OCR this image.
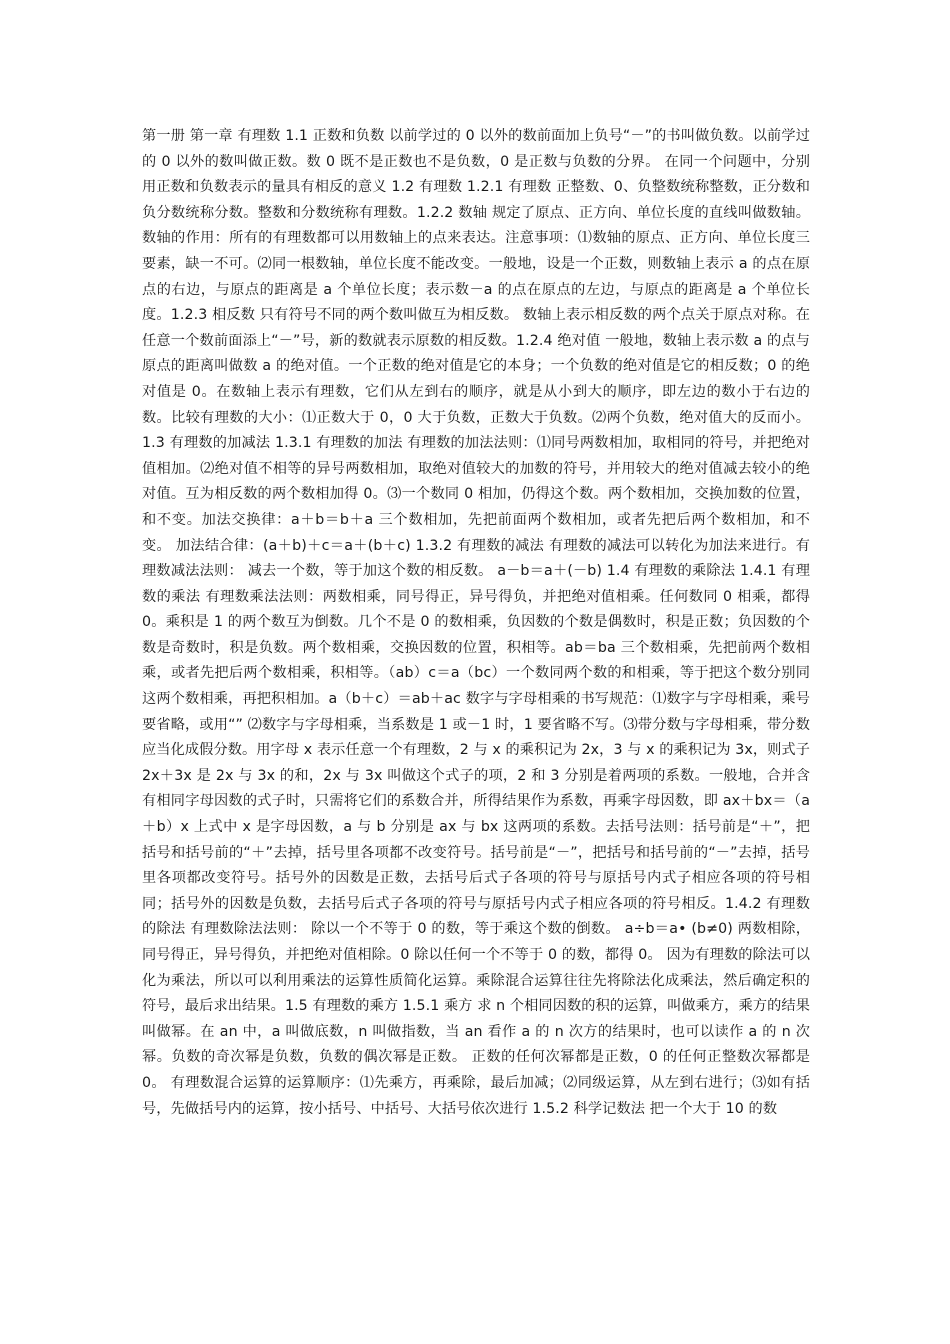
第一册 第一章 有理数 1.1 正数和负数 以前学过的 0 以外的数前面加上负号“－”的书叫做负数。以前学过的 0 以外的数叫做正数。数 0 既不是正数也不是负数，0 是正数与负数的分界。 在同一个问题中，分别用正数和负数表示的量具有相反的意义 1.2 有理数 1.2.1 有理数 正整数、0、负整数统称整数，正分数和负分数统称分数。整数和分数统称有理数。1.2.2 数轴 规定了原点、正方向、单位长度的直线叫做数轴。数轴的作用：所有的有理数都可以用数轴上的点来表达。注意事项：⑴数轴的原点、正方向、单位长度三要素，缺一不可。⑵同一根数轴，单位长度不能改变。一般地，设是一个正数，则数轴上表示 a 的点在原点的右边，与原点的距离是 a 个单位长度；表示数－a 的点在原点的左边，与原点的距离是 a 个单位长度。1.2.3 相反数 只有符号不同的两个数叫做互为相反数。 数轴上表示相反数的两个点关于原点对称。在任意一个数前面添上“－”号，新的数就表示原数的相反数。1.2.4 绝对值 一般地，数轴上表示数 a 的点与原点的距离叫做数 a 的绝对值。一个正数的绝对值是它的本身；一个负数的绝对值是它的相反数；0 的绝对值是 0。在数轴上表示有理数，它们从左到右的顺序，就是从小到大的顺序，即左边的数小于右边的数。比较有理数的大小：⑴正数大于 0，0 大于负数，正数大于负数。⑵两个负数，绝对值大的反而小。1.3 有理数的加减法 1.3.1 有理数的加法 有理数的加法法则：⑴同号两数相加，取相同的符号，并把绝对值相加。⑵绝对值不相等的异号两数相加，取绝对值较大的加数的符号，并用较大的绝对值减去较小的绝对值。互为相反数的两个数相加得 0。⑶一个数同 0 相加，仍得这个数。两个数相加，交换加数的位置，和不变。加法交换律：a＋b＝b＋a 三个数相加，先把前面两个数相加，或者先把后两个数相加，和不变。 加法结合律：(a＋b)＋c＝a＋(b＋c) 1.3.2 有理数的减法 有理数的减法可以转化为加法来进行。有理数减法法则： 减去一个数，等于加这个数的相反数。 a－b＝a＋(－b) 1.4 有理数的乘除法 1.4.1 有理数的乘法 有理数乘法法则：两数相乘，同号得正，异号得负，并把绝对值相乘。任何数同 0 相乘，都得 0。乘积是 1 的两个数互为倒数。几个不是 0 的数相乘，负因数的个数是偶数时，积是正数；负因数的个数是奇数时，积是负数。两个数相乘，交换因数的位置，积相等。ab＝ba 三个数相乘，先把前两个数相乘，或者先把后两个数相乘，积相等。（ab）c＝a（bc）一个数同两个数的和相乘，等于把这个数分别同这两个数相乘，再把积相加。a（b＋c）＝ab＋ac 数字与字母相乘的书写规范：⑴数字与字母相乘，乘号要省略，或用“” ⑵数字与字母相乘，当系数是 1 或－1 时，1 要省略不写。⑶带分数与字母相乘，带分数应当化成假分数。用字母 x 表示任意一个有理数，2 与 x 的乘积记为 2x，3 与 x 的乘积记为 3x，则式子 2x＋3x 是 2x 与 3x 的和，2x 与 3x 叫做这个式子的项，2 和 3 分别是着两项的系数。一般地，合并含有相同字母因数的式子时，只需将它们的系数合并，所得结果作为系数，再乘字母因数，即 ax＋bx＝（a＋b）x 上式中 x 是字母因数，a 与 b 分别是 ax 与 bx 这两项的系数。去括号法则：括号前是“＋”，把括号和括号前的“＋”去掉，括号里各项都不改变符号。括号前是“－”，把括号和括号前的“－”去掉，括号里各项都改变符号。括号外的因数是正数，去括号后式子各项的符号与原括号内式子相应各项的符号相同；括号外的因数是负数，去括号后式子各项的符号与原括号内式子相应各项的符号相反。1.4.2 有理数的除法 有理数除法法则： 除以一个不等于 0 的数，等于乘这个数的倒数。 a÷b＝a• (b≠0) 两数相除，同号得正，异号得负，并把绝对值相除。0 除以任何一个不等于 0 的数，都得 0。 因为有理数的除法可以化为乘法，所以可以利用乘法的运算性质简化运算。乘除混合运算往往先将除法化成乘法，然后确定积的符号，最后求出结果。1.5 有理数的乘方 1.5.1 乘方 求 n 个相同因数的积的运算，叫做乘方，乘方的结果叫做幂。在 an 中，a 叫做底数，n 叫做指数，当 an 看作 a 的 n 次方的结果时，也可以读作 a 的 n 次幂。负数的奇次幂是负数，负数的偶次幂是正数。 正数的任何次幂都是正数，0 的任何正整数次幂都是 0。 有理数混合运算的运算顺序：⑴先乘方，再乘除，最后加减；⑵同级运算，从左到右进行；⑶如有括号，先做括号内的运算，按小括号、中括号、大括号依次进行 1.5.2 科学记数法 把一个大于 10 的数
